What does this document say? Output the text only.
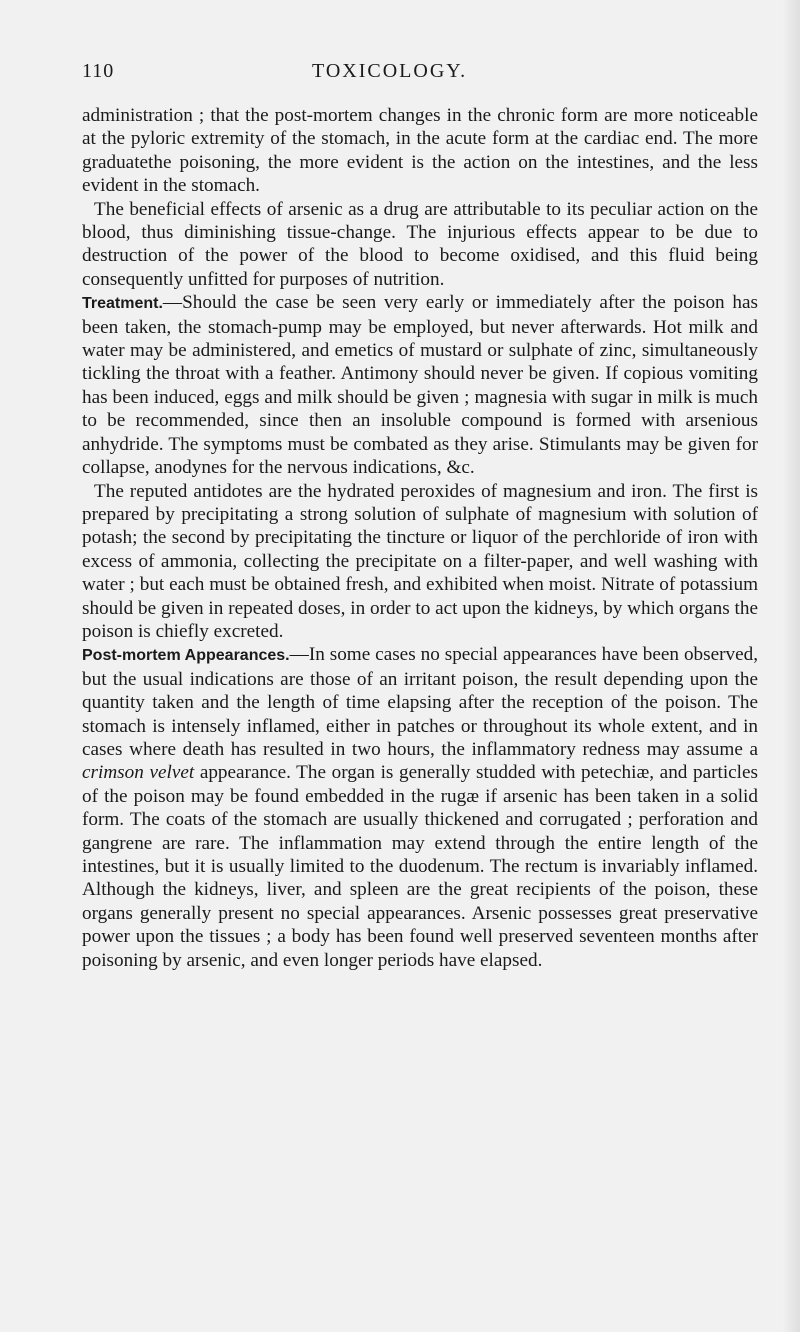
110	TOXICOLOGY.

administration ; that the post-mortem changes in the chronic form are more noticeable at the pyloric extremity of the stomach, in the acute form at the cardiac end. The more graduatethe poisoning, the more evident is the action on the intestines, and the less evident in the stomach.

The beneficial effects of arsenic as a drug are attributable to its peculiar action on the blood, thus diminishing tissue-change. The injurious effects appear to be due to destruction of the power of the blood to become oxidised, and this fluid being consequently unfitted for purposes of nutrition.

Treatment.—Should the case be seen very early or immediately after the poison has been taken, the stomach-pump may be employed, but never afterwards. Hot milk and water may be administered, and emetics of mustard or sulphate of zinc, simultaneously tickling the throat with a feather. Antimony should never be given. If copious vomiting has been induced, eggs and milk should be given ; magnesia with sugar in milk is much to be recommended, since then an insoluble compound is formed with arsenious anhydride. The symptoms must be combated as they arise. Stimulants may be given for collapse, anodynes for the nervous indications, &c.

The reputed antidotes are the hydrated peroxides of magnesium and iron. The first is prepared by precipitating a strong solution of sulphate of magnesium with solution of potash; the second by precipitating the tincture or liquor of the perchloride of iron with excess of ammonia, collecting the precipitate on a filter-paper, and well washing with water ; but each must be obtained fresh, and exhibited when moist. Nitrate of potassium should be given in repeated doses, in order to act upon the kidneys, by which organs the poison is chiefly excreted.

Post-mortem Appearances.—In some cases no special appearances have been observed, but the usual indications are those of an irritant poison, the result depending upon the quantity taken and the length of time elapsing after the reception of the poison. The stomach is intensely inflamed, either in patches or throughout its whole extent, and in cases where death has resulted in two hours, the inflammatory redness may assume a crimson velvet appearance. The organ is generally studded with petechiæ, and particles of the poison may be found embedded in the rugæ if arsenic has been taken in a solid form. The coats of the stomach are usually thickened and corrugated ; perforation and gangrene are rare. The inflammation may extend through the entire length of the intestines, but it is usually limited to the duodenum. The rectum is invariably inflamed. Although the kidneys, liver, and spleen are the great recipients of the poison, these organs generally present no special appearances. Arsenic possesses great preservative power upon the tissues ; a body has been found well preserved seventeen months after poisoning by arsenic, and even longer periods have elapsed.
